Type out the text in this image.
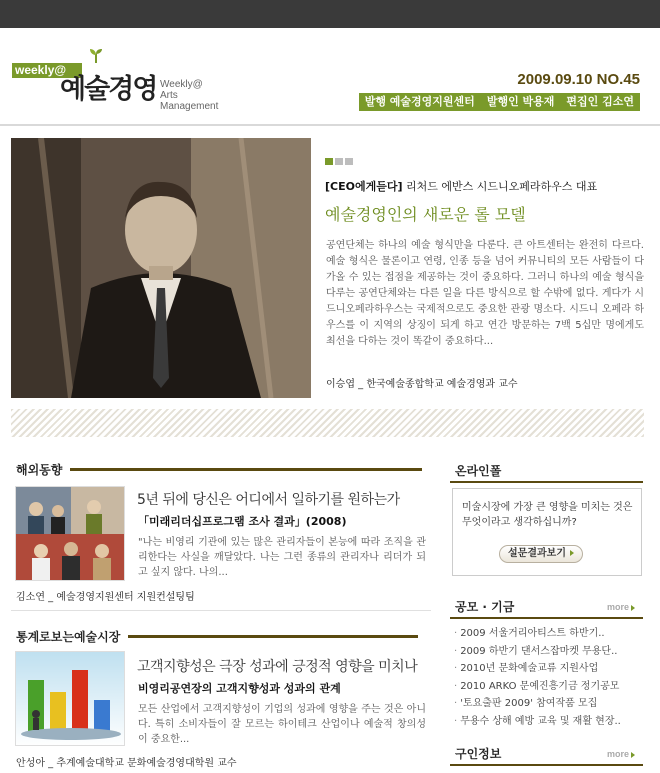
weekly@
예술경영 Weekly@
Arts
Management
2009.09.10 NO.45
발행 예술경영지원센터	발행인 박용재	편집인 김소연
[CEO에게듣다] 리처드 에반스 시드니오페라하우스 대표
예술경영인의 새로운 롤 모델
공연단체는 하나의 예술 형식만을 다룬다. 큰 아트센터는 완전히 다르다. 예술 형식은 물론이고 연령, 인종 등을 넘어 커뮤니티의 모든 사람들이 다가올 수 있는 접점을 제공하는 것이 중요하다. 그러니 하나의 예술 형식을 다루는 공연단체와는 다른 일을 다른 방식으로 할 수밖에 없다. 게다가 시드니오페라하우스는 국제적으로도 중요한 관광 명소다. 시드니 오페라 하우스를 이 지역의 상징이 되게 하고 연간 방문하는 7백 5십만 명에게도 최선을 다하는 것이 똑같이 중요하다...
이승엽 _ 한국예술종합학교 예술경영과 교수
해외동향
5년 뒤에 당신은 어디에서 일하기를 원하는가
「미래리더십프로그램 조사 결과」(2008)
"나는 비영리 기관에 있는 많은 관리자들이 본능에 따라 조직을 관리한다는 사실을 깨달았다. 나는 그런 종류의 관리자나 리더가 되고 싶지 않다. 나의...
김소연 _ 예술경영지원센터 지원컨설팅팀
통계로보는예술시장
고객지향성은 극장 성과에 긍정적 영향을 미치나
비영리공연장의 고객지향성과 성과의 관계
모든 산업에서 고객지향성이 기업의 성과에 영향을 주는 것은 아니다. 특히 소비자들이 잘 모르는 하이테크 산업이나 예술적 창의성이 중요한...
안성아 _ 추계예술대학교 문화예술경영대학원 교수
온라인폴
미술시장에 가장 큰 영향을 미치는 것은 무엇이라고 생각하십니까?
설문결과보기
공모 · 기금	more
· 2009 서울거리아티스트 하반기..
· 2009 하반기 댄서스잡마켓 무용단..
· 2010년 문화예술교류 지원사업
· 2010 ARKO 문예진흥기금 정기공모
· '토요출판 2009' 참여작품 모집
· 무용수 상해 예방 교육 및 재활 현장..
구인정보	more
